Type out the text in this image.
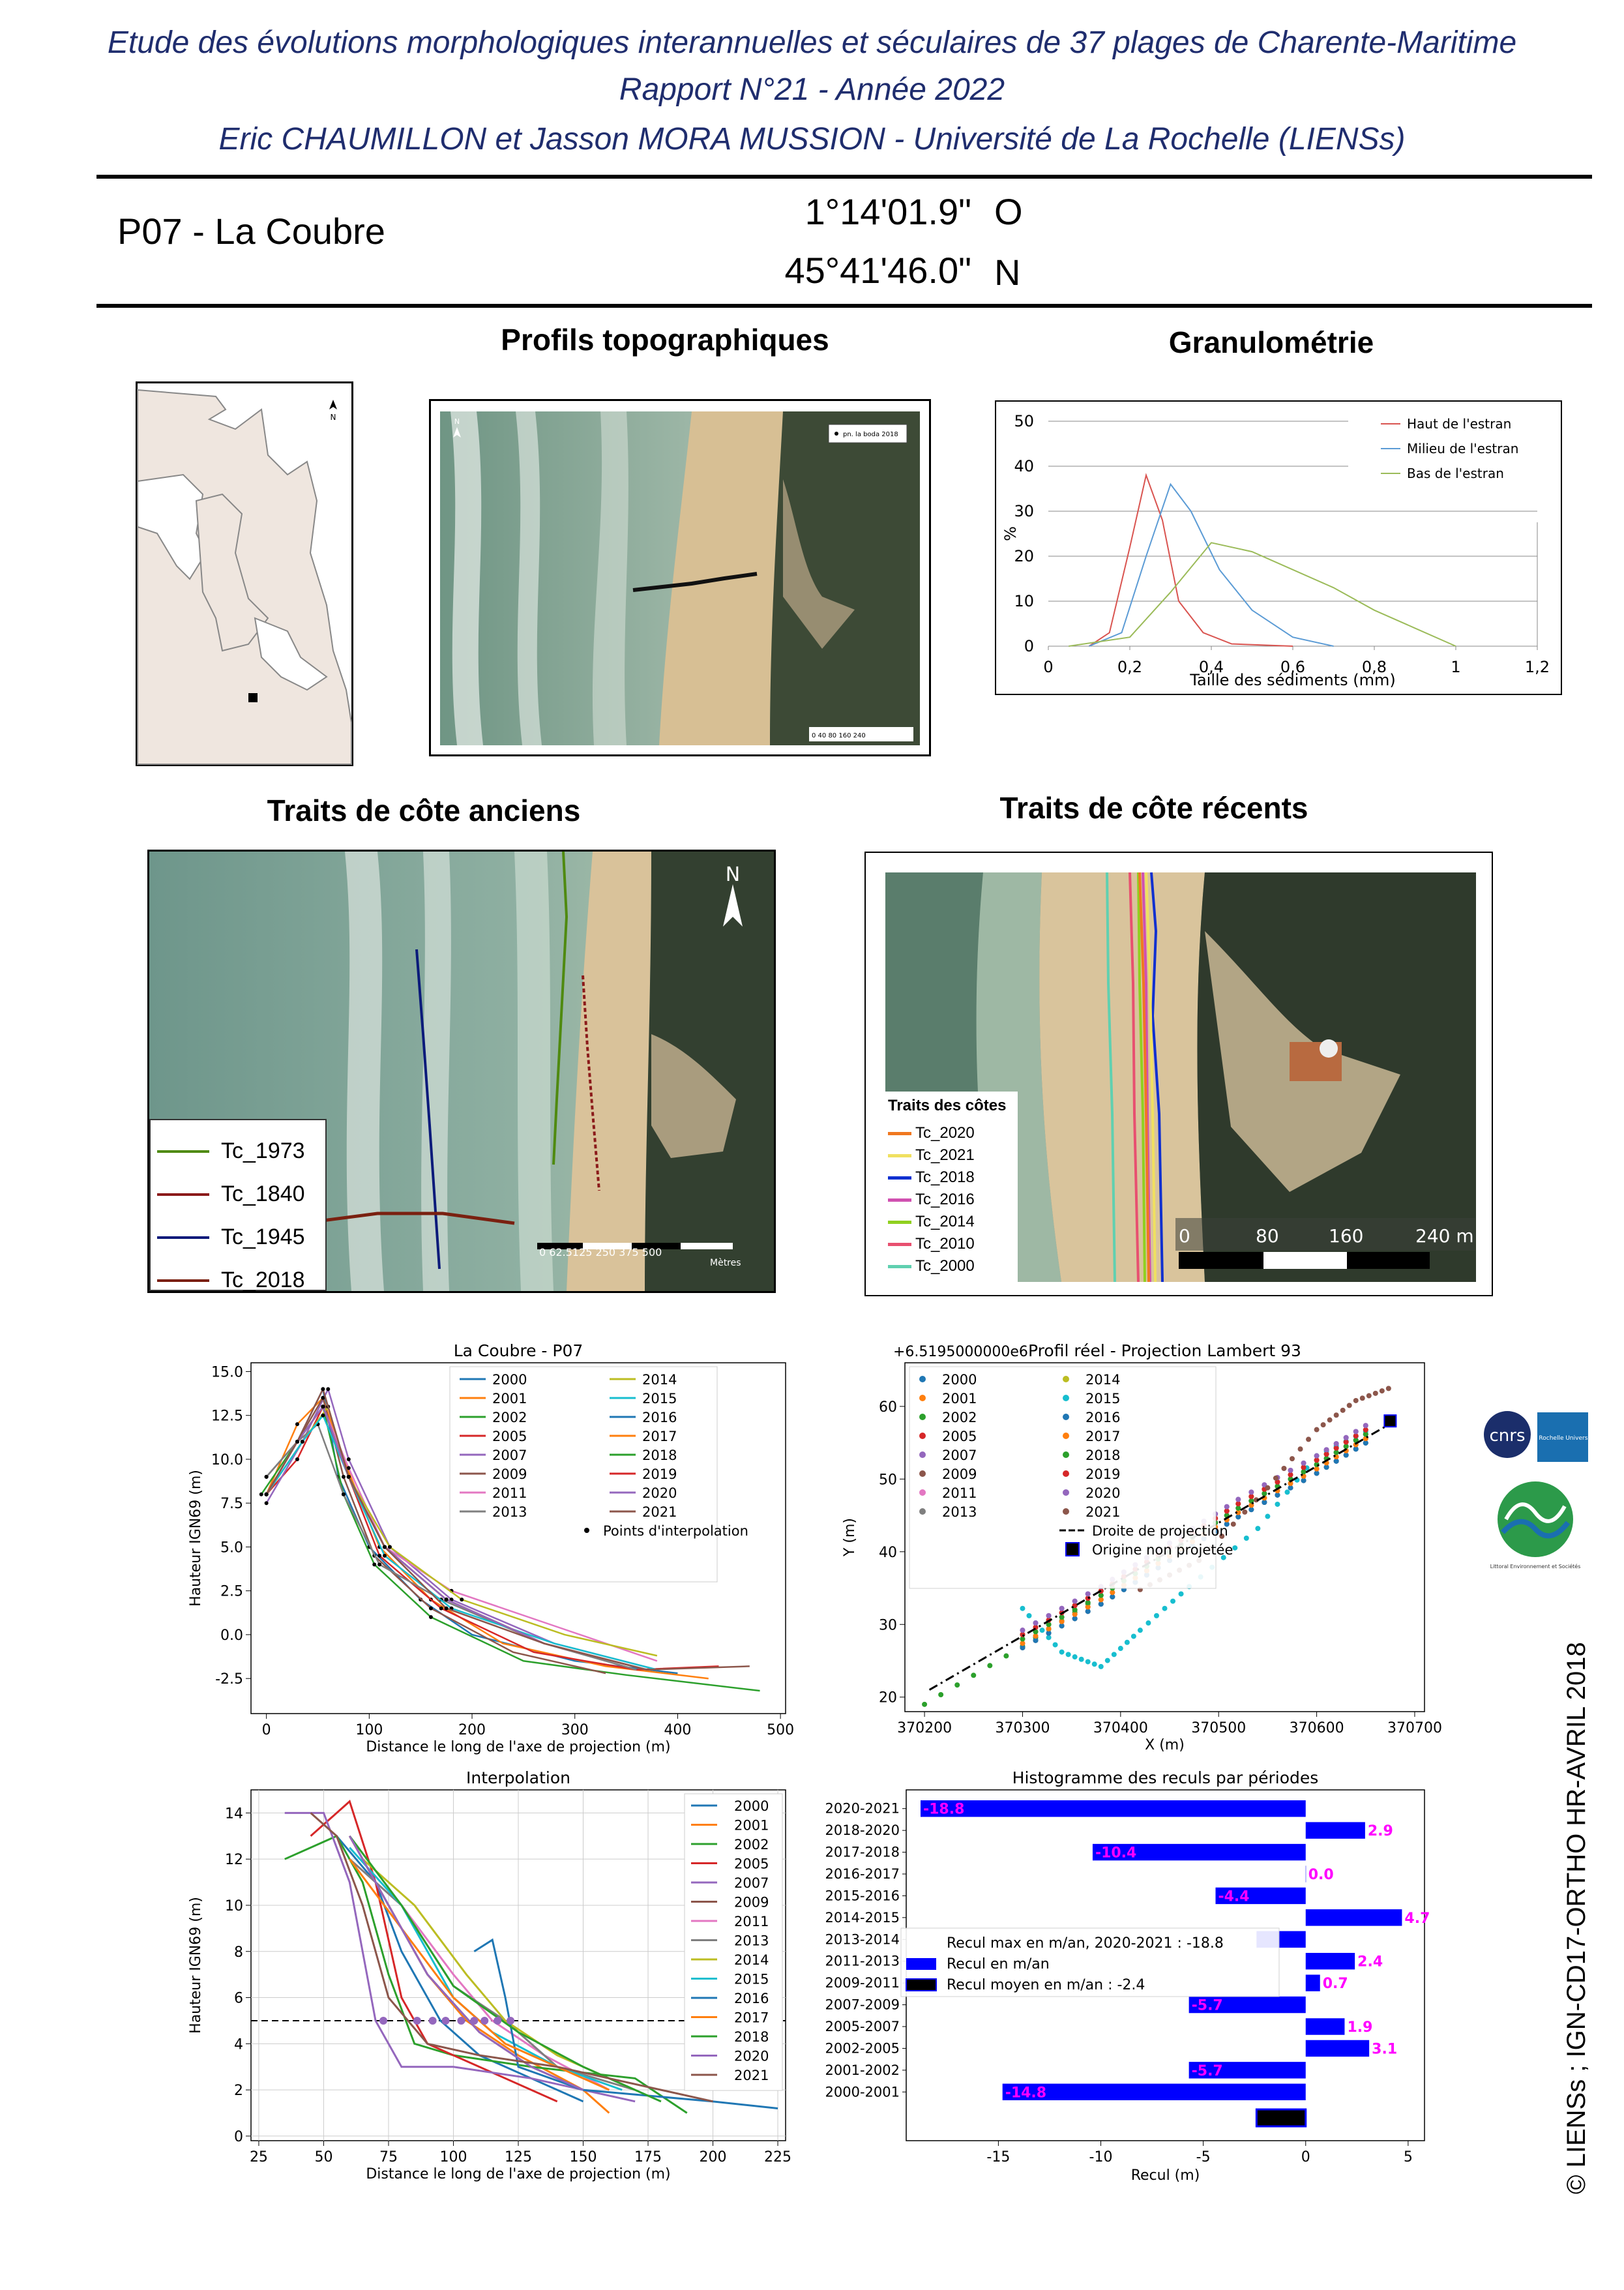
Etude des évolutions morphologiques interannuelles et séculaires de 37 plages de Charente-Maritime
Rapport N°21 - Année 2022
Eric CHAUMILLON et Jasson MORA MUSSION - Université de La Rochelle (LIENSs)
P07 - La Coubre	1°14'01.9" O
45°41'46.0" N
Profils topographiques	Granulométrie
Traits de côte anciens	Traits de côte récents
N
pn. la boda 2018
N
0 40 80 160 240
0
10
20
30
40
50
0	0,2	0,4	0,6	0,8	1	1,2
Taille des sédiments (mm)
%
Haut de l'estran
Milieu de l'estran
Bas de l'estran
N
0 62.5125 250 375 500
Mètres
Tc_1973
Tc_1840
Tc_1945
Tc_2018
0	80	160	240 m
Traits des côtes
Tc_2020
Tc_2021
Tc_2018
Tc_2016
Tc_2014
Tc_2010
Tc_2000
0	100	200	300	400	500
-2.5
0.0
2.5
5.0
7.5
10.0
12.5
15.0
La Coubre - P07
Distance le long de l'axe de projection (m)
Hauteur IGN69 (m)
2000
2001
2002
2005
2007
2009
2011
2013
2014
2015
2016
2017
2018
2019
2020
2021
Points d'interpolation
370200	370300	370400	370500	370600	370700
20
30
40
50
60
Profil réel - Projection Lambert 93
X (m)
Y (m)
+6.5195000000e6
2000
2001
2002
2005
2007
2009
2011
2013
2014
2015
2016
2017
2018
2019
2020
2021
Droite de projection
Origine non projetée
25	50	75	100	125	150	175	200	225
0
2
4
6
8
10
12
14
Interpolation
Distance le long de l'axe de projection (m)
Hauteur IGN69 (m)
2000
2001
2002
2005
2007
2009
2011
2013
2014
2015
2016
2017
2018
2020
2021
Histogramme des reculs par périodes
-15	-10	-5	0	5
Recul (m)
2020-2021 -18.8
2018-2020	2.9
2017-2018	-10.4
2016-2017	0.0
2015-2016	-4.4
2014-2015	4.7
2013-2014
2011-2013	2.4
2009-2011	0.7
2007-2009	-5.7
2005-2007	1.9
2002-2005	3.1
2001-2002	-5.7
2000-2001	-14.8
Recul max en m/an, 2020-2021 : -18.8
Recul en m/an
Recul moyen en m/an : -2.4
cnrs La Rochelle Université
Littoral Environnement et Sociétés
© LIENSs ; IGN-CD17-ORTHO HR-AVRIL 2018
